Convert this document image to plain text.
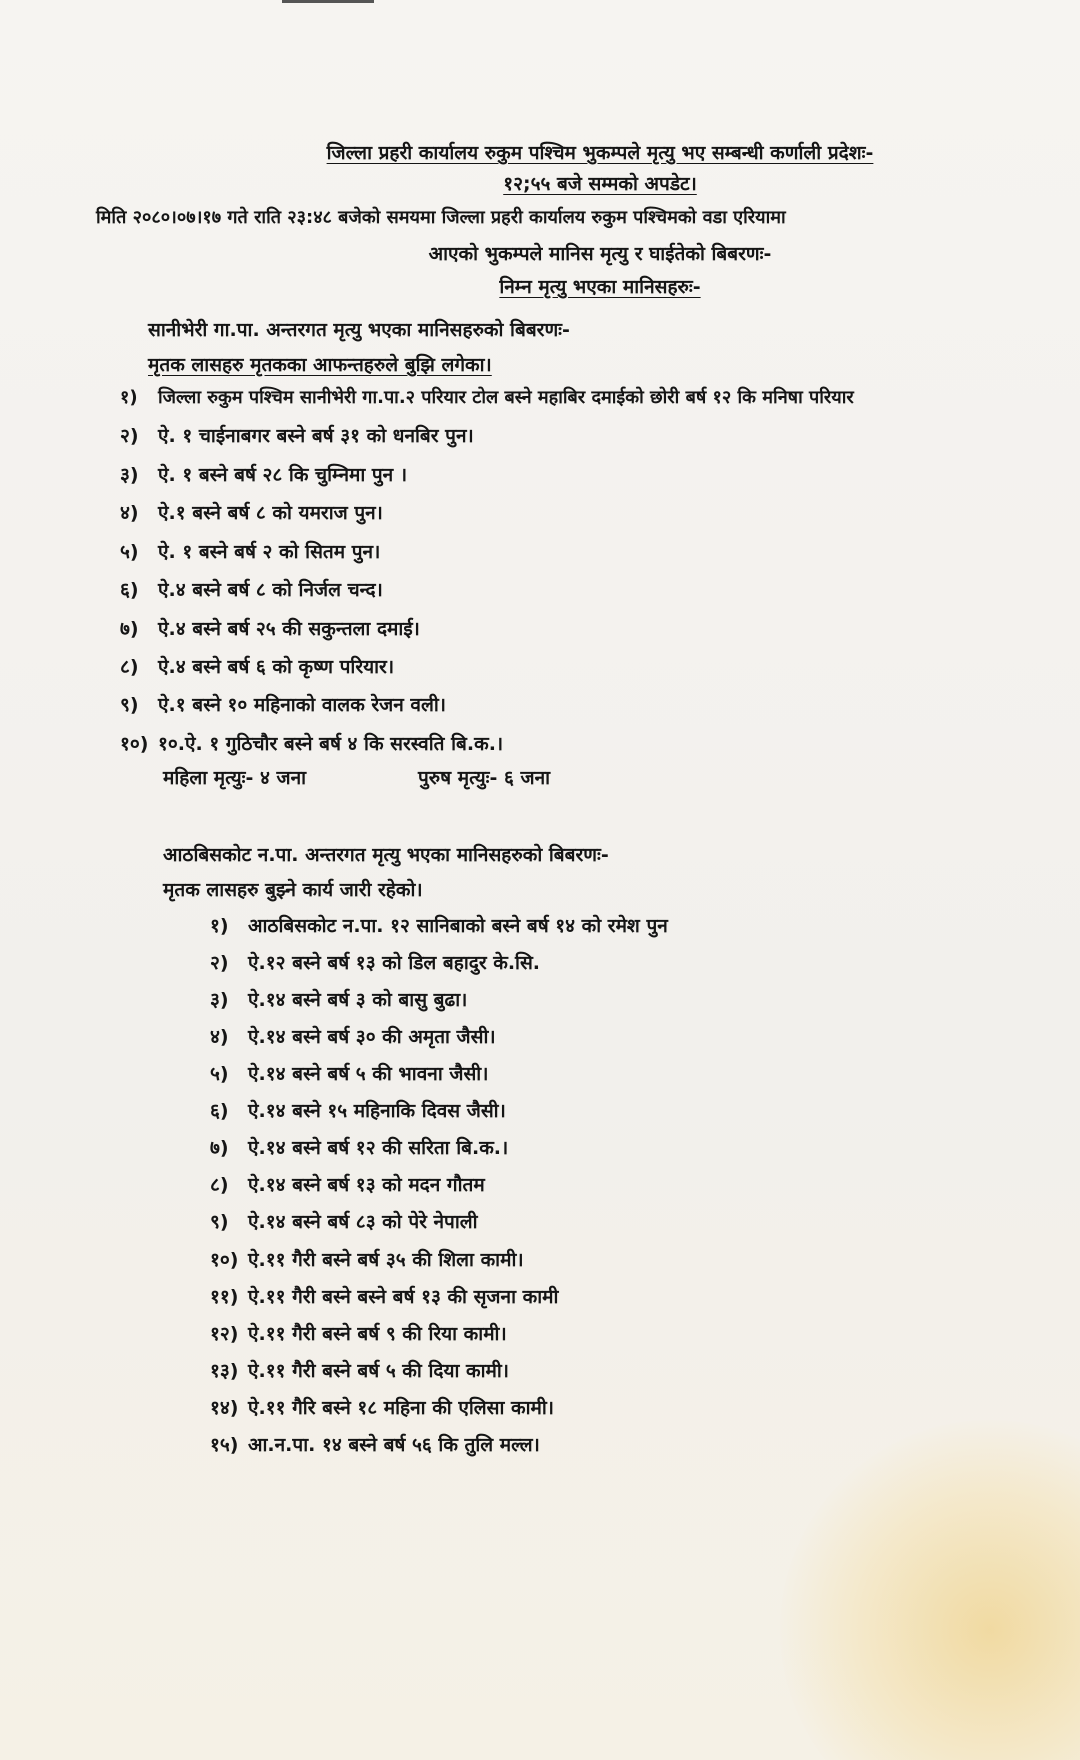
जिल्ला प्रहरी कार्यालय रुकुम पश्चिम भुकम्पले मृत्यु भए सम्बन्धी कर्णाली प्रदेशः-
१२;५५ बजे सम्मको अपडेट।
मिति २०८०।०७।१७ गते राति २३:४८ बजेको समयमा जिल्ला प्रहरी कार्यालय रुकुम पश्चिमको वडा एरियामा
आएको भुकम्पले मानिस मृत्यु र घाईतेको बिबरणः-
निम्न मृत्यु भएका मानिसहरुः-
सानीभेरी गा.पा. अन्तरगत मृत्यु भएका मानिसहरुको बिबरणः-
मृतक लासहरु मृतकका आफन्तहरुले बुझि लगेका।
१) जिल्ला रुकुम पश्चिम सानीभेरी गा.पा.२ परियार टोल बस्ने महाबिर दमाईको छोरी बर्ष १२ कि मनिषा परियार
२) ऐ. १ चाईनाबगर बस्ने बर्ष ३१ को धनबिर पुन।
३) ऐ. १ बस्ने बर्ष २८ कि चुम्निमा पुन ।
४) ऐ.१ बस्ने बर्ष ८ को यमराज पुन।
५) ऐ. १ बस्ने बर्ष २ को सितम पुन।
६) ऐ.४ बस्ने बर्ष ८ को निर्जल चन्द।
७) ऐ.४ बस्ने बर्ष २५ की सकुन्तला दमाई।
८) ऐ.४ बस्ने बर्ष ६ को कृष्ण परियार।
९) ऐ.१ बस्ने १० महिनाको वालक रेजन वली।
१०) १०.ऐ. १ गुठिचौर बस्ने बर्ष ४ कि सरस्वति बि.क.।
महिला मृत्युः- ४ जना	पुरुष मृत्युः- ६ जना
आठबिसकोट न.पा. अन्तरगत मृत्यु भएका मानिसहरुको बिबरणः-
मृतक लासहरु बुझ्ने कार्य जारी रहेको।
१) आठबिसकोट न.पा. १२ सानिबाको बस्ने बर्ष १४ को रमेश पुन
२) ऐ.१२ बस्ने बर्ष १३ को डिल बहादुर के.सि.
३) ऐ.१४ बस्ने बर्ष ३ को बासु बुढा।
४) ऐ.१४ बस्ने बर्ष ३० की अमृता जैसी।
५) ऐ.१४ बस्ने बर्ष ५ की भावना जैसी।
६) ऐ.१४ बस्ने १५ महिनाकि दिवस जैसी।
७) ऐ.१४ बस्ने बर्ष १२ की सरिता बि.क.।
८) ऐ.१४ बस्ने बर्ष १३ को मदन गौतम
९) ऐ.१४ बस्ने बर्ष ८३ को पेरे नेपाली
१०) ऐ.११ गैरी बस्ने बर्ष ३५ की शिला कामी।
११) ऐ.११ गैरी बस्ने बस्ने बर्ष १३ की सृजना कामी
१२) ऐ.११ गैरी बस्ने बर्ष ९ की रिया कामी।
१३) ऐ.११ गैरी बस्ने बर्ष ५ की दिया कामी।
१४) ऐ.११ गैरि बस्ने १८ महिना की एलिसा कामी।
१५) आ.न.पा. १४ बस्ने बर्ष ५६ कि तुलि मल्ल।
